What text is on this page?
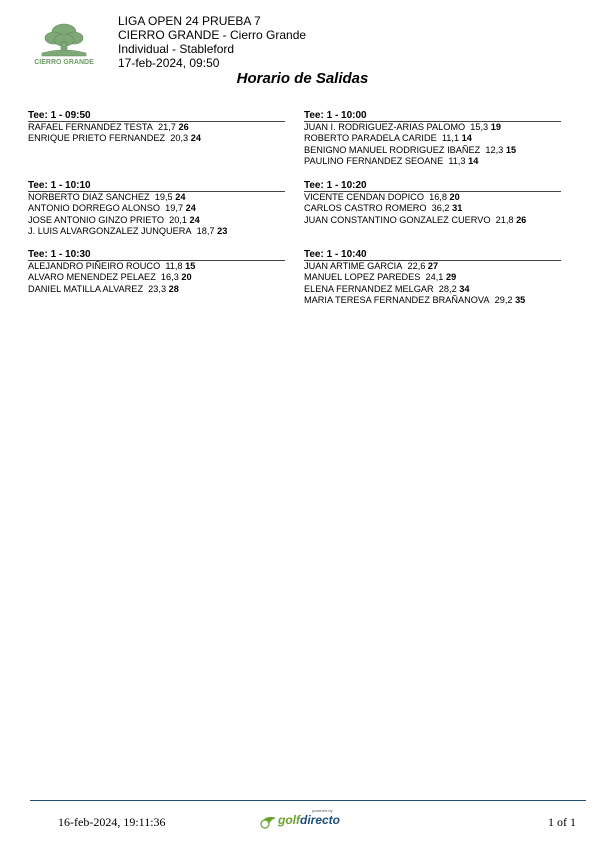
CIERRO GRANDE
LIGA OPEN 24 PRUEBA 7
CIERRO GRANDE - Cierro Grande
Individual - Stableford
17-feb-2024, 09:50
Horario de Salidas
Tee: 1 - 09:50
RAFAEL FERNANDEZ TESTA 21,7 26
ENRIQUE PRIETO FERNANDEZ 20,3 24
Tee: 1 - 10:00
JUAN I. RODRIGUEZ-ARIAS PALOMO 15,3 19
ROBERTO PARADELA CARIDE 11,1 14
BENIGNO MANUEL RODRIGUEZ IBAÑEZ 12,3 15
PAULINO FERNANDEZ SEOANE 11,3 14
Tee: 1 - 10:10
NORBERTO DIAZ SANCHEZ 19,5 24
ANTONIO DORREGO ALONSO 19,7 24
JOSE ANTONIO GINZO PRIETO 20,1 24
J. LUIS ALVARGONZALEZ JUNQUERA 18,7 23
Tee: 1 - 10:20
VICENTE CENDAN DOPICO 16,8 20
CARLOS CASTRO ROMERO 36,2 31
JUAN CONSTANTINO GONZALEZ CUERVO 21,8 26
Tee: 1 - 10:30
ALEJANDRO PIÑEIRO ROUCO 11,8 15
ALVARO MENENDEZ PELAEZ 16,3 20
DANIEL MATILLA ALVAREZ 23,3 28
Tee: 1 - 10:40
JUAN ARTIME GARCIA 22,6 27
MANUEL LOPEZ PAREDES 24,1 29
ELENA FERNANDEZ MELGAR 28,2 34
MARIA TERESA FERNANDEZ BRAÑANOVA 29,2 35
16-feb-2024, 19:11:36
powered by
golfdirecto	1 of 1
